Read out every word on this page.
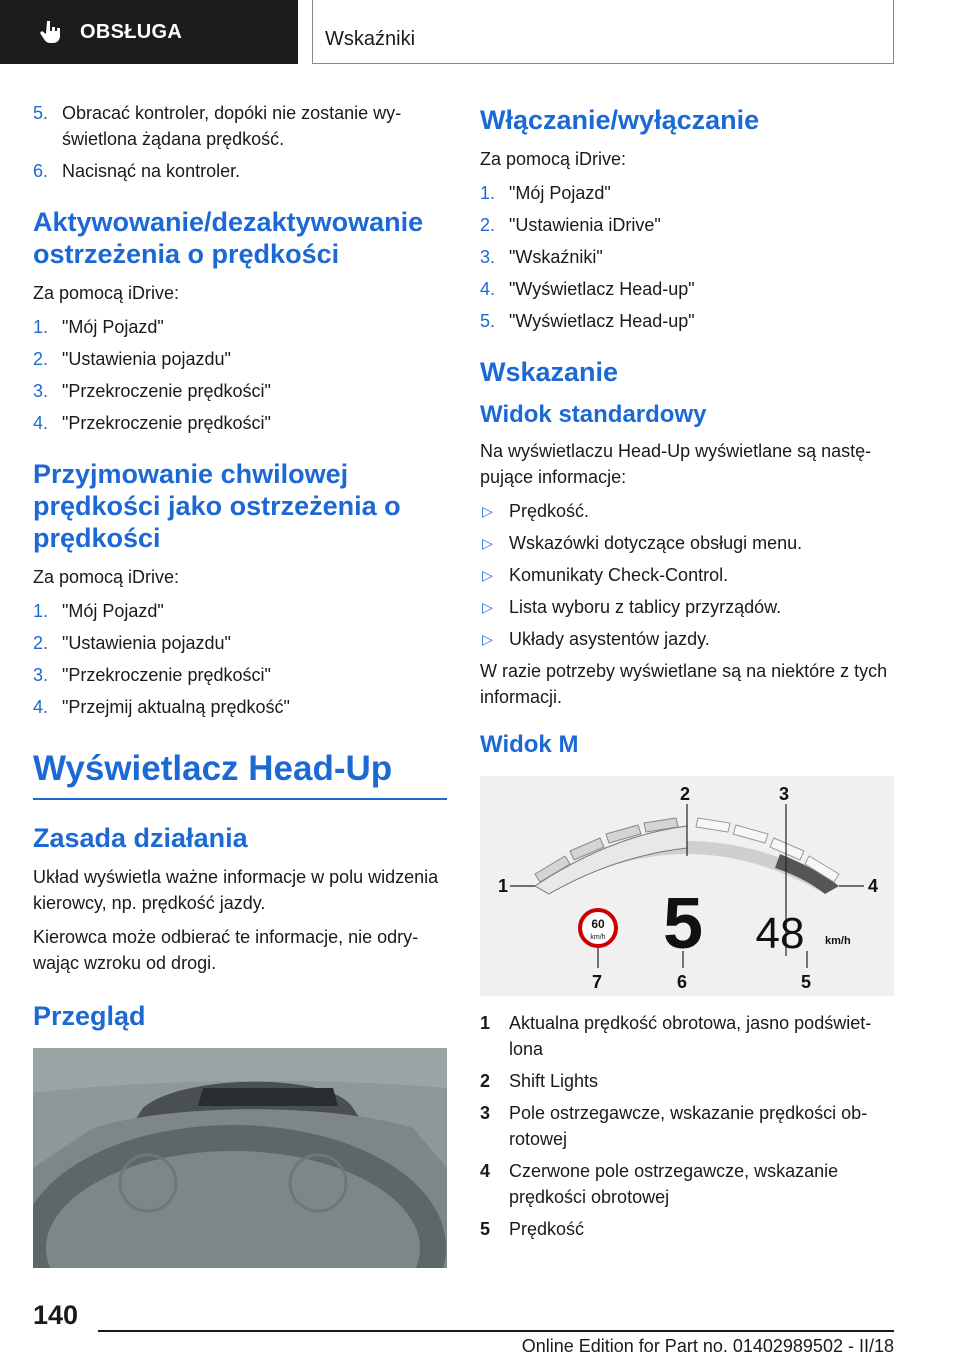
OBSŁUGA	Wskaźniki
5. Obracać kontroler, dopóki nie zostanie wyświetlona żądana prędkość.
6. Nacisnąć na kontroler.
Aktywowanie/dezaktywowanie ostrzeżenia o prędkości

Za pomocą iDrive:

1. "Mój Pojazd"
2. "Ustawienia pojazdu"
3. "Przekroczenie prędkości"
4. "Przekroczenie prędkości"
Przyjmowanie chwilowej prędkości jako ostrzeżenia o prędkości

Za pomocą iDrive:

1. "Mój Pojazd"
2. "Ustawienia pojazdu"
3. "Przekroczenie prędkości"
4. "Przejmij aktualną prędkość"
Wyświetlacz Head-Up
Zasada działania

Układ wyświetla ważne informacje w polu widzenia kierowcy, np. prędkość jazdy.

Kierowca może odbierać te informacje, nie odrywając wzroku od drogi.

Przegląd
Włączanie/wyłączanie

Za pomocą iDrive:

1. "Mój Pojazd"
2. "Ustawienia iDrive"
3. "Wskaźniki"
4. "Wyświetlacz Head-up"
5. "Wyświetlacz Head-up"
Wskazanie
Widok standardowy

Na wyświetlaczu Head-Up wyświetlane są następujące informacje:

▷ Prędkość.
▷ Wskazówki dotyczące obsługi menu.
▷ Komunikaty Check-Control.
▷ Lista wyboru z tablicy przyrządów.
▷ Układy asystentów jazdy.

W razie potrzeby wyświetlane są na niektóre z tych informacji.

Widok M
60
km/h 5 48 km/h
1
2	3
4
5
6
7
1 Aktualna prędkość obrotowa, jasno podświetlona
2 Shift Lights
3 Pole ostrzegawcze, wskazanie prędkości obrotowej
4 Czerwone pole ostrzegawcze, wskazanie prędkości obrotowej
5 Prędkość
140
Online Edition for Part no. 01402989502 - II/18
